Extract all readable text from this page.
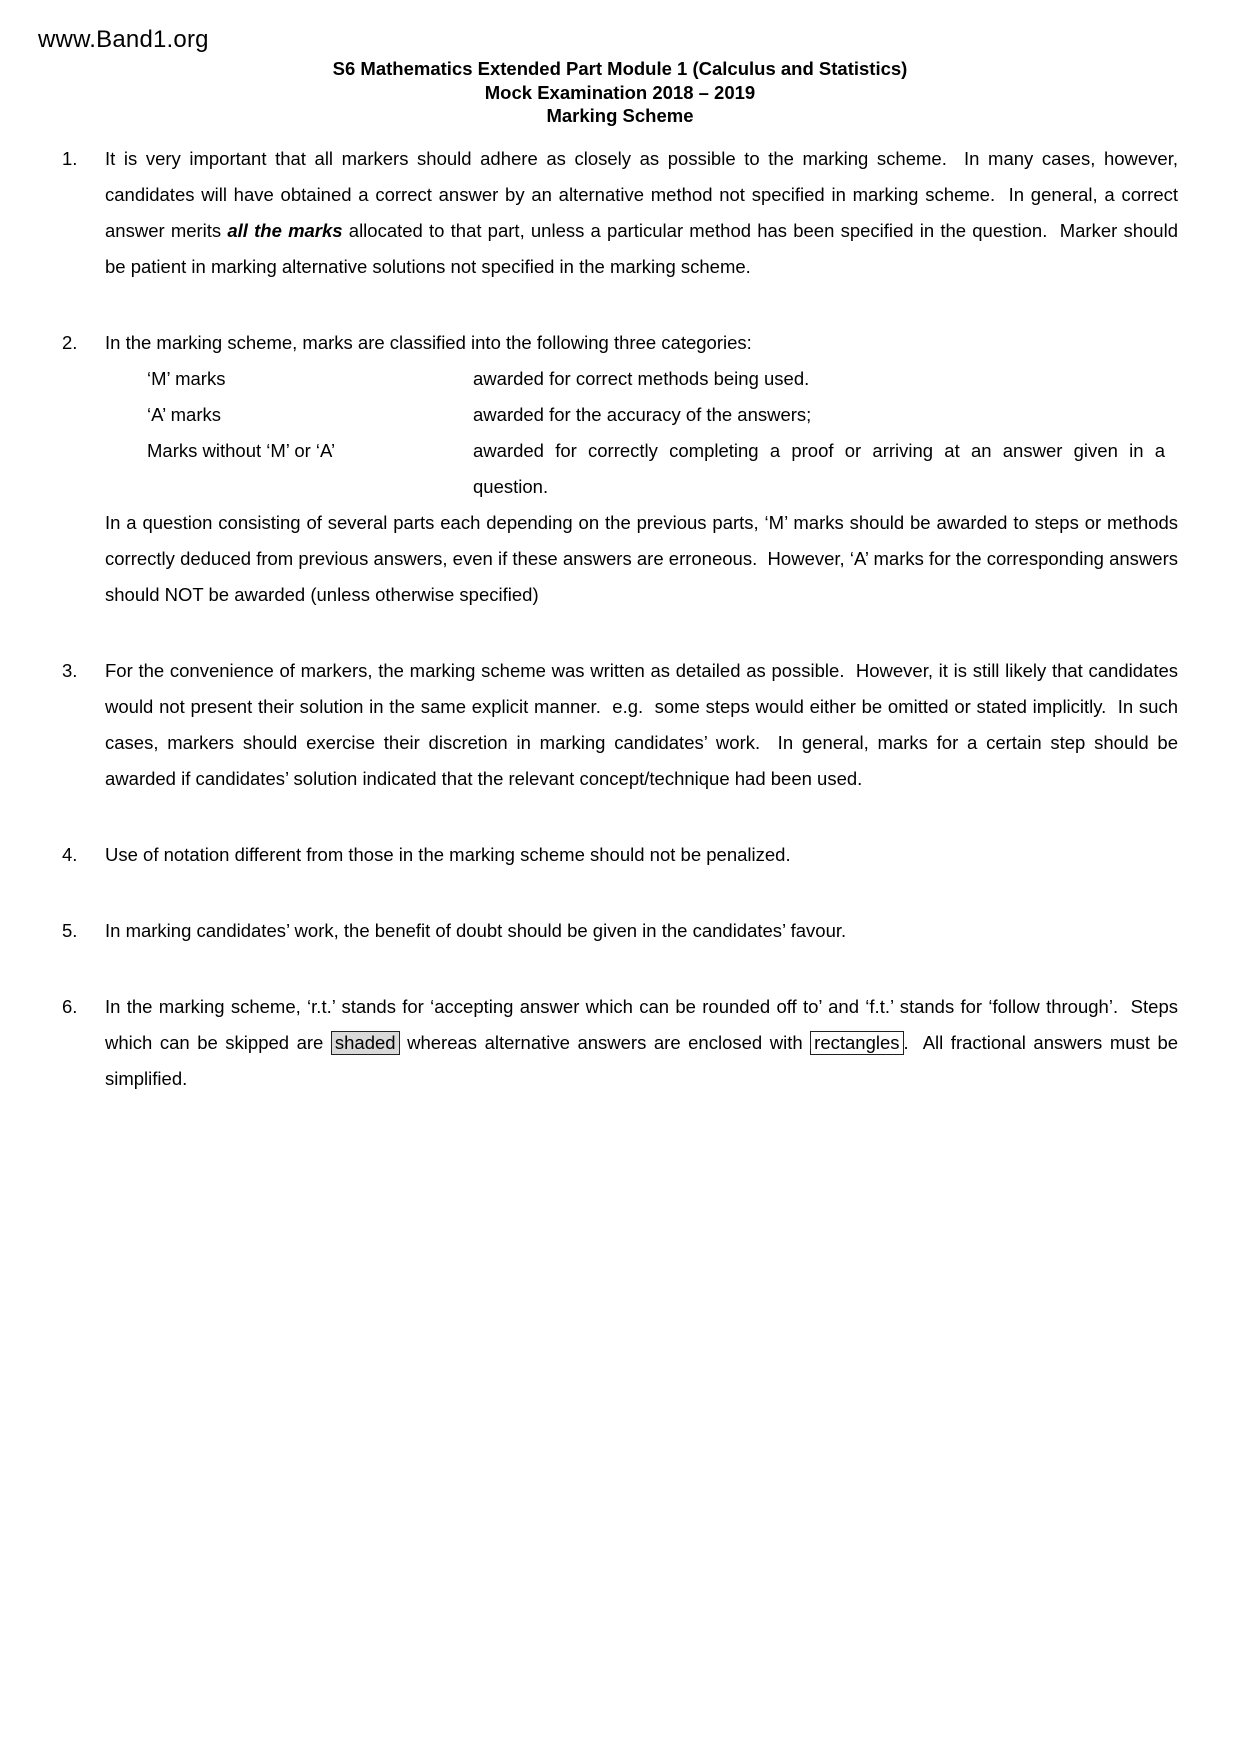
www.Band1.org
S6 Mathematics Extended Part Module 1 (Calculus and Statistics)
Mock Examination 2018 – 2019
Marking Scheme
1.	It is very important that all markers should adhere as closely as possible to the marking scheme.  In many cases, however, candidates will have obtained a correct answer by an alternative method not specified in marking scheme.  In general, a correct answer merits all the marks allocated to that part, unless a particular method has been specified in the question.  Marker should be patient in marking alternative solutions not specified in the marking scheme.

2.	In the marking scheme, marks are classified into the following three categories:

‘M’ marks	awarded for correct methods being used.
‘A’ marks	awarded for the accuracy of the answers;
Marks without ‘M’ or ‘A’	awarded for correctly completing a proof or arriving at an answer given in a question.

In a question consisting of several parts each depending on the previous parts, ‘M’ marks should be awarded to steps or methods correctly deduced from previous answers, even if these answers are erroneous.  However, ‘A’ marks for the corresponding answers should NOT be awarded (unless otherwise specified)

3.	For the convenience of markers, the marking scheme was written as detailed as possible.  However, it is still likely that candidates would not present their solution in the same explicit manner.  e.g.  some steps would either be omitted or stated implicitly.  In such cases, markers should exercise their discretion in marking candidates’ work.  In general, marks for a certain step should be awarded if candidates’ solution indicated that the relevant concept/technique had been used.

4.	Use of notation different from those in the marking scheme should not be penalized.

5.	In marking candidates’ work, the benefit of doubt should be given in the candidates’ favour.

6.	In the marking scheme, ‘r.t.’ stands for ‘accepting answer which can be rounded off to’ and ‘f.t.’ stands for ‘follow through’.  Steps which can be skipped are shaded whereas alternative answers are enclosed with rectangles .  All fractional answers must be simplified.
